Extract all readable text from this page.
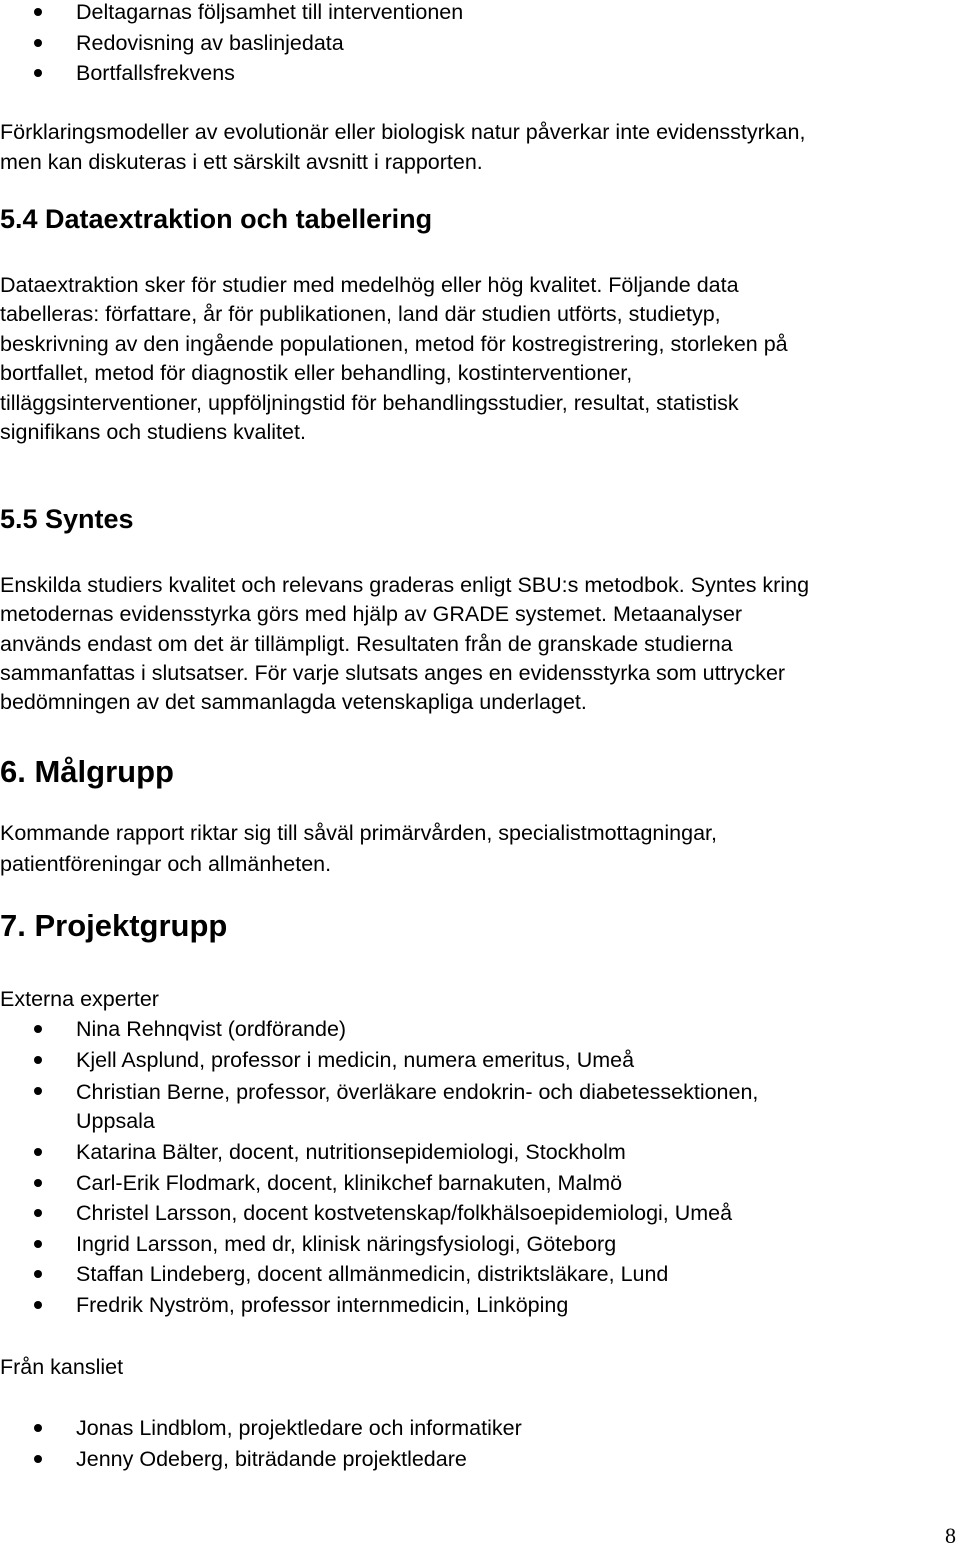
Deltagarnas följsamhet till interventionen
Redovisning av baslinjedata
Bortfallsfrekvens
Förklaringsmodeller av evolutionär eller biologisk natur påverkar inte evidensstyrkan,
men kan diskuteras i ett särskilt avsnitt i rapporten.
5.4 Dataextraktion och tabellering
Dataextraktion sker för studier med medelhög eller hög kvalitet. Följande data
tabelleras: författare, år för publikationen, land där studien utförts, studietyp,
beskrivning av den ingående populationen, metod för kostregistrering, storleken på
bortfallet, metod för diagnostik eller behandling, kostinterventioner,
tilläggsinterventioner, uppföljningstid för behandlingsstudier, resultat, statistisk
signifikans och studiens kvalitet.
5.5 Syntes
Enskilda studiers kvalitet och relevans graderas enligt SBU:s metodbok. Syntes kring
metodernas evidensstyrka görs med hjälp av GRADE systemet. Metaanalyser
används endast om det är tillämpligt. Resultaten från de granskade studierna
sammanfattas i slutsatser. För varje slutsats anges en evidensstyrka som uttrycker
bedömningen av det sammanlagda vetenskapliga underlaget.
6. Målgrupp
Kommande rapport riktar sig till såväl primärvården, specialistmottagningar,
patientföreningar och allmänheten.
7. Projektgrupp
Externa experter
Nina Rehnqvist (ordförande)
Kjell Asplund, professor i medicin, numera emeritus, Umeå
Christian Berne, professor, överläkare endokrin- och diabetessektionen,
Uppsala
Katarina Bälter, docent, nutritionsepidemiologi, Stockholm
Carl-Erik Flodmark, docent, klinikchef barnakuten, Malmö
Christel Larsson, docent kostvetenskap/folkhälsoepidemiologi, Umeå
Ingrid Larsson, med dr, klinisk näringsfysiologi, Göteborg
Staffan Lindeberg, docent allmänmedicin, distriktsläkare, Lund
Fredrik Nyström, professor internmedicin, Linköping
Från kansliet
Jonas Lindblom, projektledare och informatiker
Jenny Odeberg, biträdande projektledare
8
